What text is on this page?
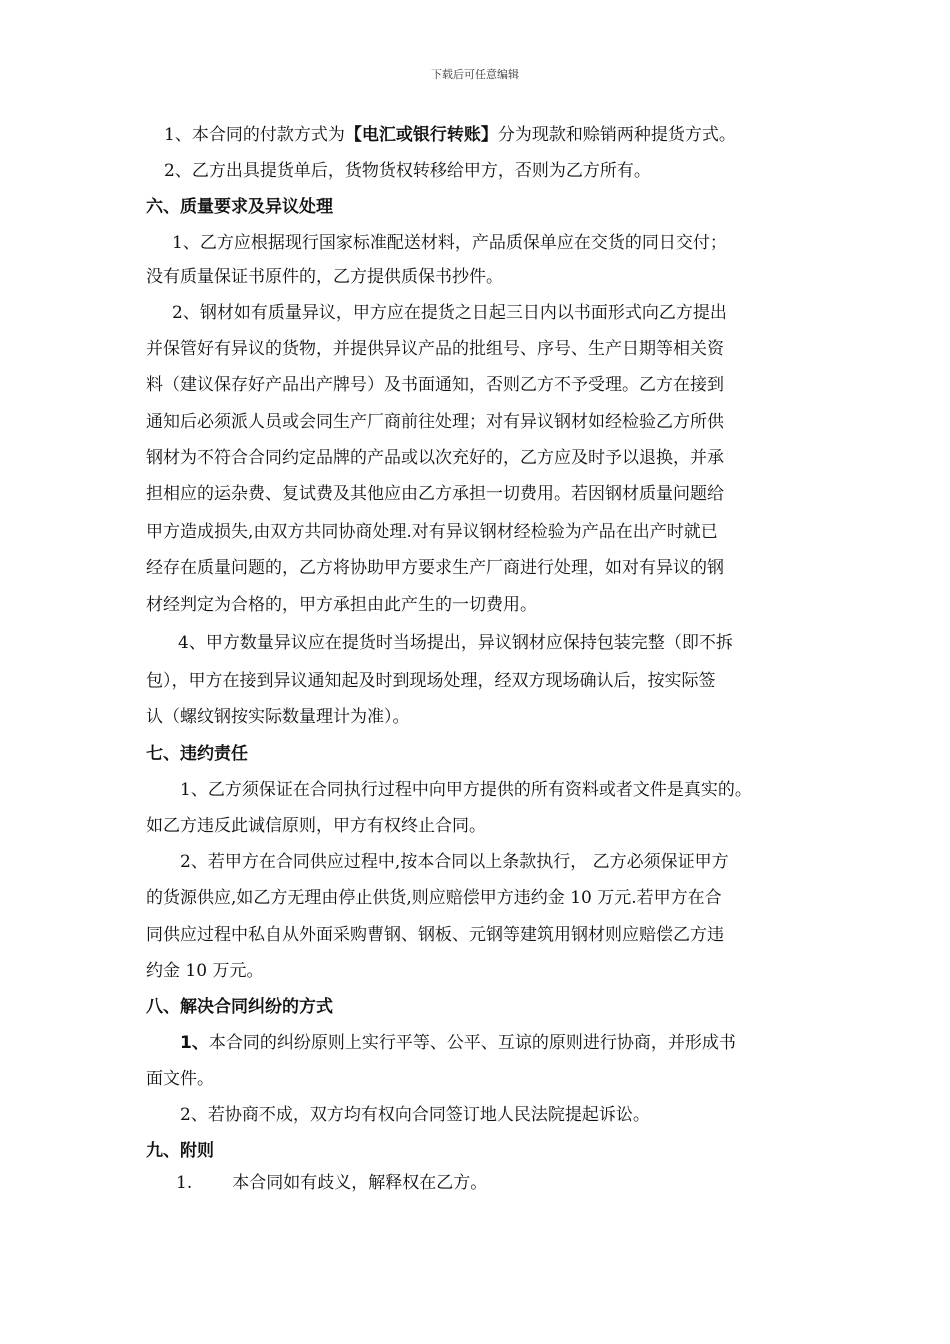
下载后可任意编辑
1、本合同的付款方式为【电汇或银行转账】分为现款和赊销两种提货方式。
2、乙方出具提货单后，货物货权转移给甲方，否则为乙方所有。
六、质量要求及异议处理
1、乙方应根据现行国家标准配送材料，产品质保单应在交货的同日交付；
没有质量保证书原件的，乙方提供质保书抄件。
2、钢材如有质量异议，甲方应在提货之日起三日内以书面形式向乙方提出
并保管好有异议的货物，并提供异议产品的批组号、序号、生产日期等相关资
料（建议保存好产品出产牌号）及书面通知，否则乙方不予受理。乙方在接到
通知后必须派人员或会同生产厂商前往处理；对有异议钢材如经检验乙方所供
钢材为不符合合同约定品牌的产品或以次充好的，乙方应及时予以退换，并承
担相应的运杂费、复试费及其他应由乙方承担一切费用。若因钢材质量问题给
甲方造成损失,由双方共同协商处理.对有异议钢材经检验为产品在出产时就已
经存在质量问题的，乙方将协助甲方要求生产厂商进行处理，如对有异议的钢
材经判定为合格的，甲方承担由此产生的一切费用。
4、甲方数量异议应在提货时当场提出，异议钢材应保持包装完整（即不拆
包），甲方在接到异议通知起及时到现场处理，经双方现场确认后，按实际签
认（螺纹钢按实际数量理计为准）。
七、违约责任
1、乙方须保证在合同执行过程中向甲方提供的所有资料或者文件是真实的。
如乙方违反此诚信原则，甲方有权终止合同。
2、若甲方在合同供应过程中,按本合同以上条款执行， 乙方必须保证甲方
的货源供应,如乙方无理由停止供货,则应赔偿甲方违约金 10 万元.若甲方在合
同供应过程中私自从外面采购曹钢、钢板、元钢等建筑用钢材则应赔偿乙方违
约金 10 万元。
八、解决合同纠纷的方式
1、本合同的纠纷原则上实行平等、公平、互谅的原则进行协商，并形成书
面文件。
2、若协商不成，双方均有权向合同签订地人民法院提起诉讼。
九、附则
1. 本合同如有歧义，解释权在乙方。
